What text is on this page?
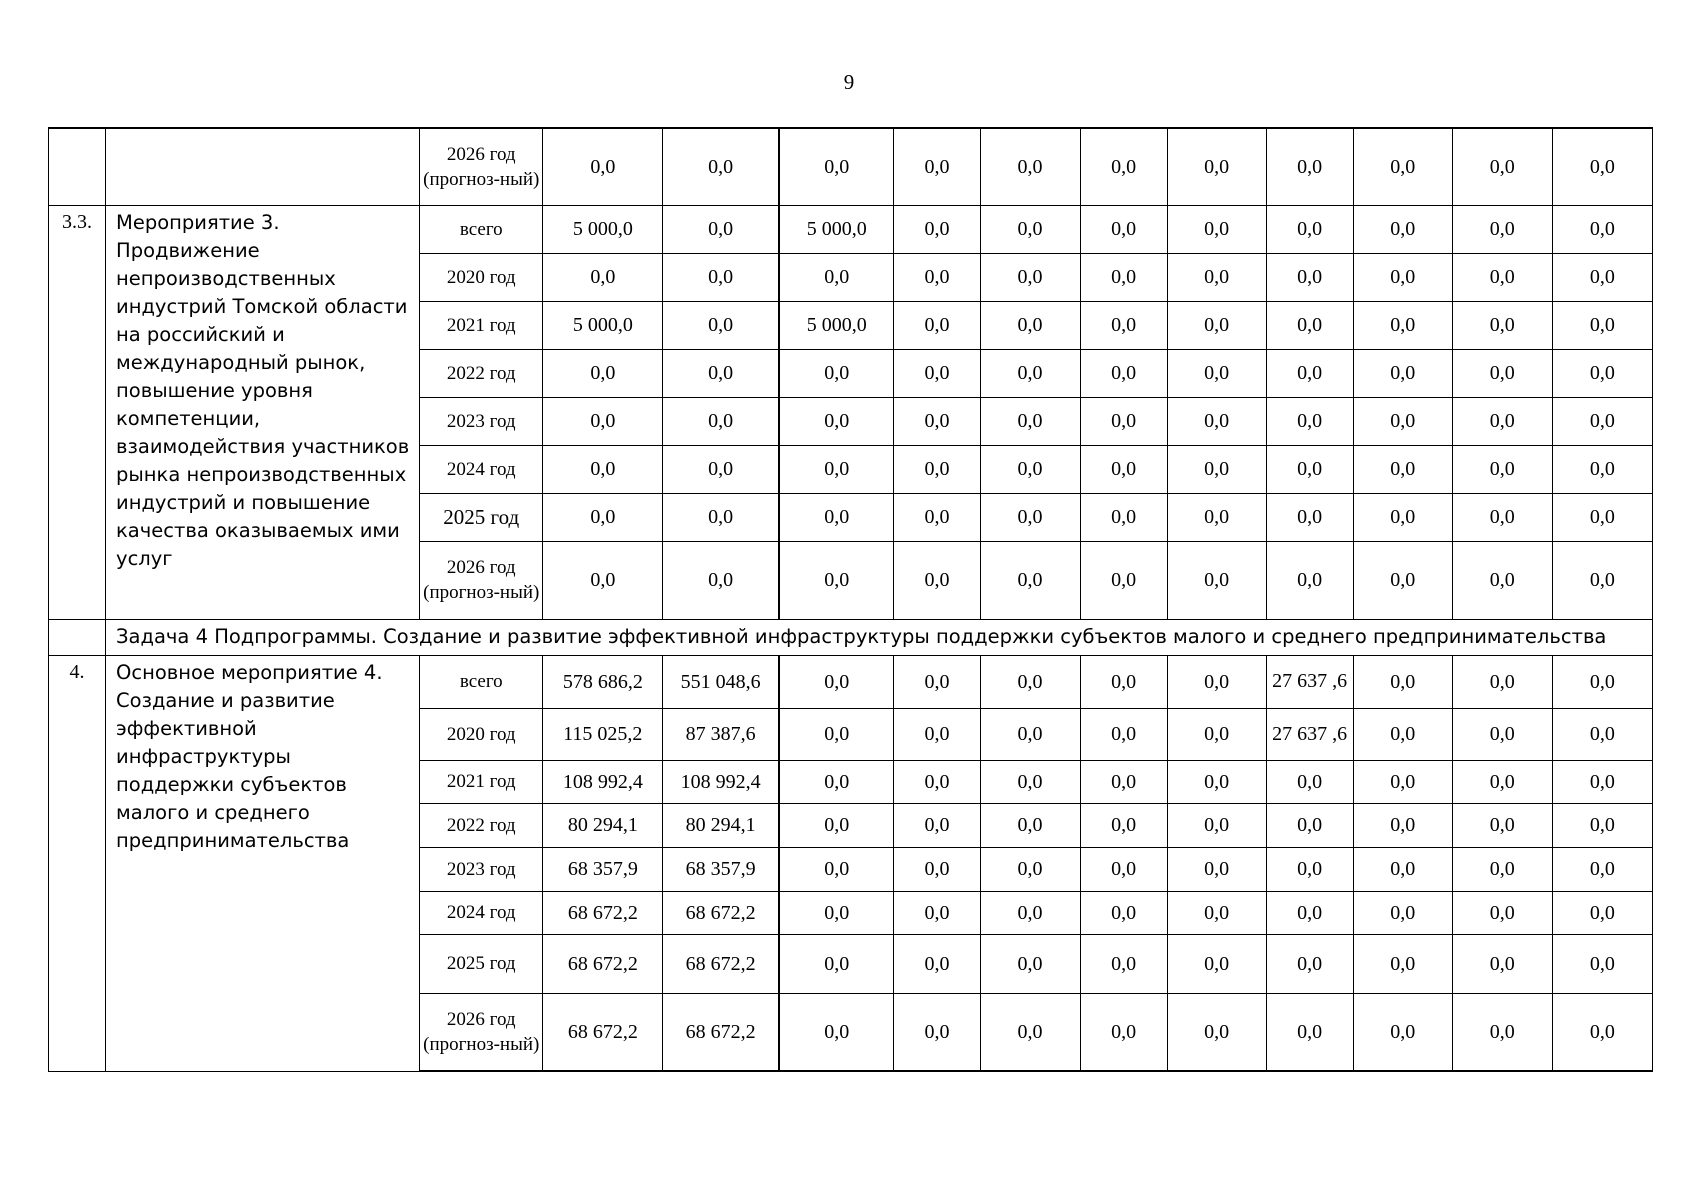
9
		2026 год (прогноз-ный)	0,0	0,0	0,0	0,0	0,0	0,0	0,0	0,0	0,0	0,0	0,0
3.3.	Мероприятие 3. Продвижение непроизводственных индустрий Томской области на российский и международный рынок, повышение уровня компетенции, взаимодействия участников рынка непроизводственных индустрий и повышение качества оказываемых ими услуг	всего	5 000,0	0,0	5 000,0	0,0	0,0	0,0	0,0	0,0	0,0	0,0	0,0
		2020 год	0,0	0,0	0,0	0,0	0,0	0,0	0,0	0,0	0,0	0,0	0,0
		2021 год	5 000,0	0,0	5 000,0	0,0	0,0	0,0	0,0	0,0	0,0	0,0	0,0
		2022 год	0,0	0,0	0,0	0,0	0,0	0,0	0,0	0,0	0,0	0,0	0,0
		2023 год	0,0	0,0	0,0	0,0	0,0	0,0	0,0	0,0	0,0	0,0	0,0
		2024 год	0,0	0,0	0,0	0,0	0,0	0,0	0,0	0,0	0,0	0,0	0,0
		2025 год	0,0	0,0	0,0	0,0	0,0	0,0	0,0	0,0	0,0	0,0	0,0
		2026 год (прогноз-ный)	0,0	0,0	0,0	0,0	0,0	0,0	0,0	0,0	0,0	0,0	0,0
	Задача 4 Подпрограммы. Создание и развитие эффективной инфраструктуры поддержки субъектов малого и среднего предпринимательства												
4.	Основное мероприятие 4. Создание и развитие эффективной инфраструктуры поддержки субъектов малого и среднего предпринимательства	всего	578 686,2	551 048,6	0,0	0,0	0,0	0,0	0,0	27 637 ,6	0,0	0,0	0,0
		2020 год	115 025,2	87 387,6	0,0	0,0	0,0	0,0	0,0	27 637 ,6	0,0	0,0	0,0
		2021 год	108 992,4	108 992,4	0,0	0,0	0,0	0,0	0,0	0,0	0,0	0,0	0,0
		2022 год	80 294,1	80 294,1	0,0	0,0	0,0	0,0	0,0	0,0	0,0	0,0	0,0
		2023 год	68 357,9	68 357,9	0,0	0,0	0,0	0,0	0,0	0,0	0,0	0,0	0,0
		2024 год	68 672,2	68 672,2	0,0	0,0	0,0	0,0	0,0	0,0	0,0	0,0	0,0
		2025 год	68 672,2	68 672,2	0,0	0,0	0,0	0,0	0,0	0,0	0,0	0,0	0,0
		2026 год (прогноз-ный)	68 672,2	68 672,2	0,0	0,0	0,0	0,0	0,0	0,0	0,0	0,0	0,0
